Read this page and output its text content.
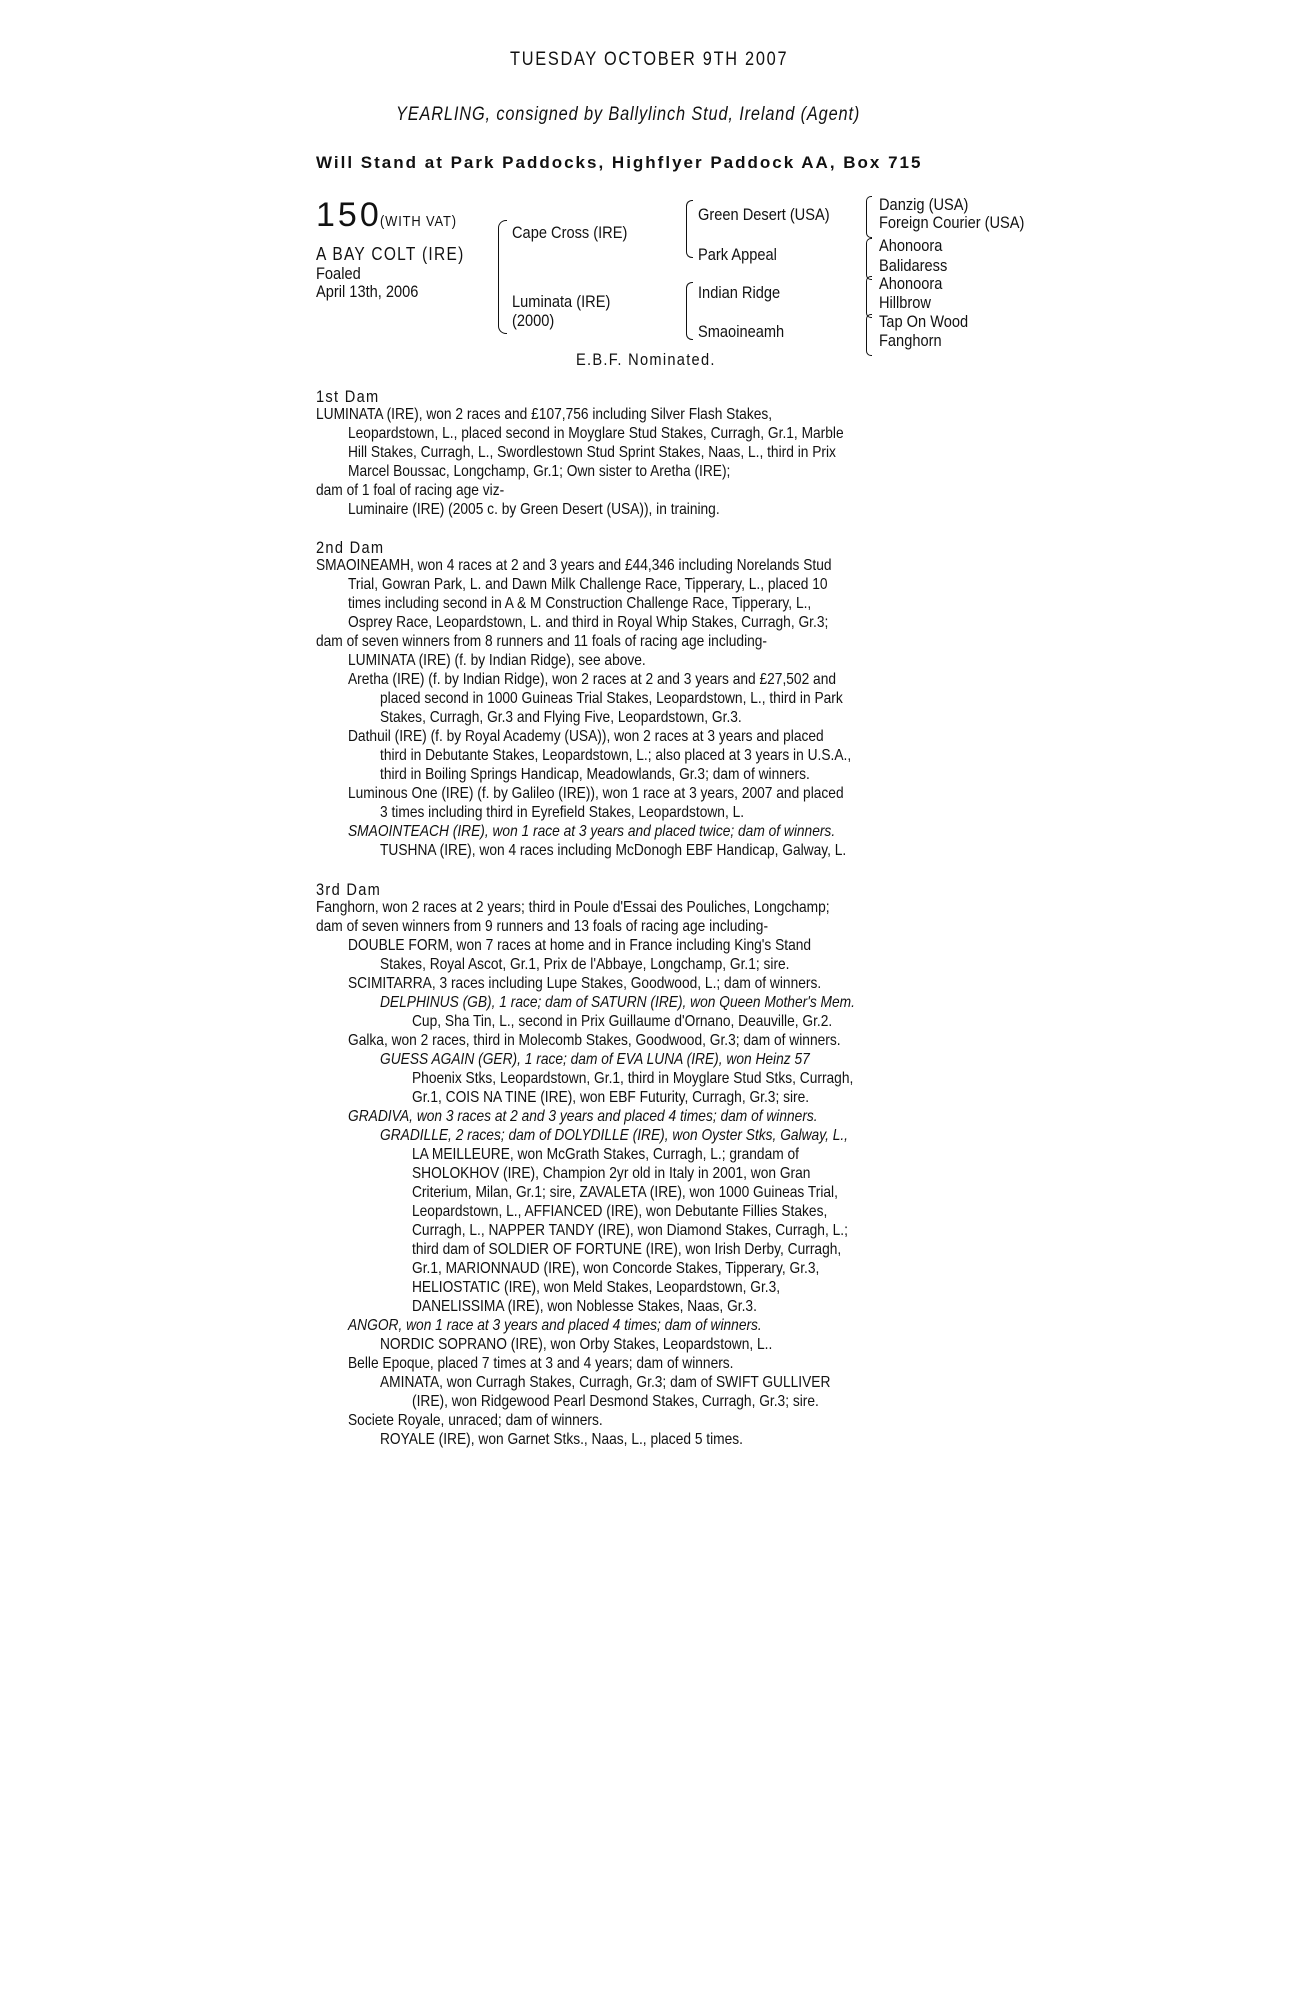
TUESDAY OCTOBER 9TH 2007
YEARLING, consigned by Ballylinch Stud, Ireland (Agent)
Will Stand at Park Paddocks, Highflyer Paddock AA, Box 715
150
(WITH VAT)
A BAY COLT (IRE)
Foaled
April 13th, 2006
Cape Cross (IRE)
Luminata (IRE)
(2000)
Green Desert (USA)
Park Appeal
Indian Ridge
Smaoineamh
Danzig (USA)
Foreign Courier (USA)
Ahonoora
Balidaress
Ahonoora
Hillbrow
Tap On Wood
Fanghorn
E.B.F. Nominated.
1st Dam
LUMINATA (IRE), won 2 races and £107,756 including Silver Flash Stakes,
Leopardstown, L., placed second in Moyglare Stud Stakes, Curragh, Gr.1, Marble
Hill Stakes, Curragh, L., Swordlestown Stud Sprint Stakes, Naas, L., third in Prix
Marcel Boussac, Longchamp, Gr.1; Own sister to Aretha (IRE);
dam of 1 foal of racing age viz-
Luminaire (IRE) (2005 c. by Green Desert (USA)), in training.
2nd Dam
SMAOINEAMH, won 4 races at 2 and 3 years and £44,346 including Norelands Stud
Trial, Gowran Park, L. and Dawn Milk Challenge Race, Tipperary, L., placed 10
times including second in A & M Construction Challenge Race, Tipperary, L.,
Osprey Race, Leopardstown, L. and third in Royal Whip Stakes, Curragh, Gr.3;
dam of seven winners from 8 runners and 11 foals of racing age including-
LUMINATA (IRE) (f. by Indian Ridge), see above.
Aretha (IRE) (f. by Indian Ridge), won 2 races at 2 and 3 years and £27,502 and
placed second in 1000 Guineas Trial Stakes, Leopardstown, L., third in Park
Stakes, Curragh, Gr.3 and Flying Five, Leopardstown, Gr.3.
Dathuil (IRE) (f. by Royal Academy (USA)), won 2 races at 3 years and placed
third in Debutante Stakes, Leopardstown, L.; also placed at 3 years in U.S.A.,
third in Boiling Springs Handicap, Meadowlands, Gr.3; dam of winners.
Luminous One (IRE) (f. by Galileo (IRE)), won 1 race at 3 years, 2007 and placed
3 times including third in Eyrefield Stakes, Leopardstown, L.
SMAOINTEACH (IRE), won 1 race at 3 years and placed twice; dam of winners.
TUSHNA (IRE), won 4 races including McDonogh EBF Handicap, Galway, L.
3rd Dam
Fanghorn, won 2 races at 2 years; third in Poule d'Essai des Pouliches, Longchamp;
dam of seven winners from 9 runners and 13 foals of racing age including-
DOUBLE FORM, won 7 races at home and in France including King's Stand
Stakes, Royal Ascot, Gr.1, Prix de l'Abbaye, Longchamp, Gr.1; sire.
SCIMITARRA, 3 races including Lupe Stakes, Goodwood, L.; dam of winners.
DELPHINUS (GB), 1 race; dam of SATURN (IRE), won Queen Mother's Mem.
Cup, Sha Tin, L., second in Prix Guillaume d'Ornano, Deauville, Gr.2.
Galka, won 2 races, third in Molecomb Stakes, Goodwood, Gr.3; dam of winners.
GUESS AGAIN (GER), 1 race; dam of EVA LUNA (IRE), won Heinz 57
Phoenix Stks, Leopardstown, Gr.1, third in Moyglare Stud Stks, Curragh,
Gr.1, COIS NA TINE (IRE), won EBF Futurity, Curragh, Gr.3; sire.
GRADIVA, won 3 races at 2 and 3 years and placed 4 times; dam of winners.
GRADILLE, 2 races; dam of DOLYDILLE (IRE), won Oyster Stks, Galway, L.,
LA MEILLEURE, won McGrath Stakes, Curragh, L.; grandam of
SHOLOKHOV (IRE), Champion 2yr old in Italy in 2001, won Gran
Criterium, Milan, Gr.1; sire, ZAVALETA (IRE), won 1000 Guineas Trial,
Leopardstown, L., AFFIANCED (IRE), won Debutante Fillies Stakes,
Curragh, L., NAPPER TANDY (IRE), won Diamond Stakes, Curragh, L.;
third dam of SOLDIER OF FORTUNE (IRE), won Irish Derby, Curragh,
Gr.1, MARIONNAUD (IRE), won Concorde Stakes, Tipperary, Gr.3,
HELIOSTATIC (IRE), won Meld Stakes, Leopardstown, Gr.3,
DANELISSIMA (IRE), won Noblesse Stakes, Naas, Gr.3.
ANGOR, won 1 race at 3 years and placed 4 times; dam of winners.
NORDIC SOPRANO (IRE), won Orby Stakes, Leopardstown, L..
Belle Epoque, placed 7 times at 3 and 4 years; dam of winners.
AMINATA, won Curragh Stakes, Curragh, Gr.3; dam of SWIFT GULLIVER
(IRE), won Ridgewood Pearl Desmond Stakes, Curragh, Gr.3; sire.
Societe Royale, unraced; dam of winners.
ROYALE (IRE), won Garnet Stks., Naas, L., placed 5 times.
